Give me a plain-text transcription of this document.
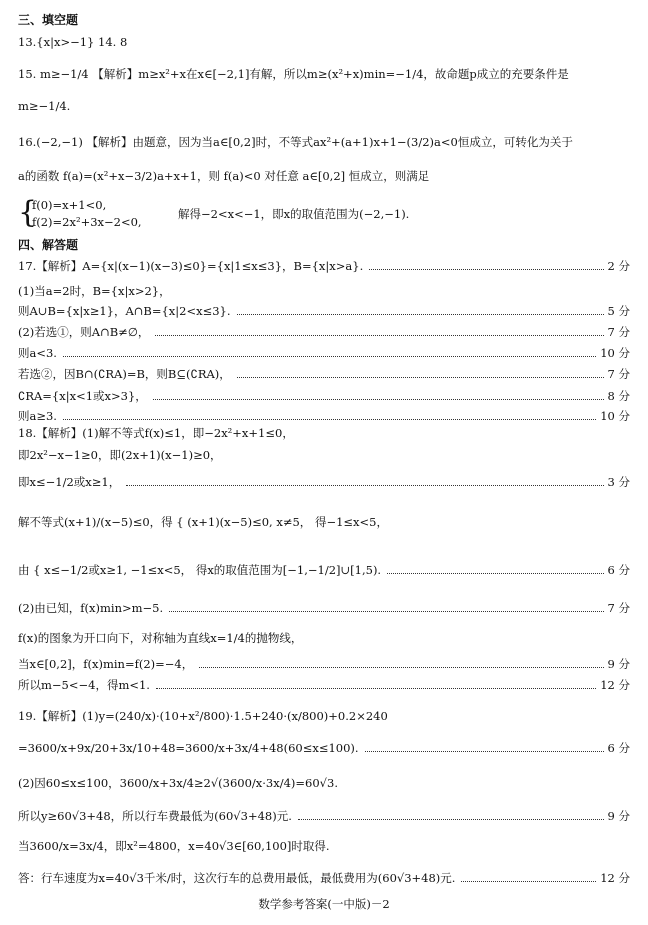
三、填空题
13.{x|x>−1} 14. 8
15. m≥−1/4 【解析】m≥x²+x在x∈[−2,1]有解，所以m≥(x²+x)min=−1/4，故命题p成立的充要条件是
m≥−1/4.
16.(−2,−1) 【解析】由题意，因为当a∈[0,2]时，不等式ax²+(a+1)x+1−(3/2)a<0恒成立，可转化为关于
a的函数 f(a)=(x²+x−3/2)a+x+1，则 f(a)<0 对任意 a∈[0,2] 恒成立，则满足
{
f(0)=x+1<0,
f(2)=2x²+3x−2<0,
解得−2<x<−1，即x的取值范围为(−2,−1).
四、解答题
17.【解析】A={x|(x−1)(x−3)≤0}={x|1≤x≤3}，B={x|x>a}.	2 分
(1)当a=2时，B={x|x>2}，
则A∪B={x|x≥1}，A∩B={x|2<x≤3}.	5 分
(2)若选①，则A∩B≠∅，	7 分
则a<3.	10 分
若选②，因B∩(∁RA)=B，则B⊆(∁RA)，	7 分
∁RA={x|x<1或x>3}，	8 分
则a≥3.	10 分
18.【解析】(1)解不等式f(x)≤1，即−2x²+x+1≤0，
即2x²−x−1≥0，即(2x+1)(x−1)≥0，
即x≤−1/2或x≥1，	3 分
解不等式(x+1)/(x−5)≤0，得 { (x+1)(x−5)≤0, x≠5， 得−1≤x<5，
由 { x≤−1/2或x≥1, −1≤x<5， 得x的取值范围为[−1,−1/2]∪[1,5).	6 分
(2)由已知，f(x)min>m−5.	7 分
f(x)的图象为开口向下，对称轴为直线x=1/4的抛物线，
当x∈[0,2]，f(x)min=f(2)=−4，	9 分
所以m−5<−4，得m<1.	12 分
19.【解析】(1)y=(240/x)·(10+x²/800)·1.5+240·(x/800)+0.2×240
=3600/x+9x/20+3x/10+48=3600/x+3x/4+48(60≤x≤100).	6 分
(2)因60≤x≤100，3600/x+3x/4≥2√(3600/x·3x/4)=60√3.
所以y≥60√3+48，所以行车费最低为(60√3+48)元.	9 分
当3600/x=3x/4，即x²=4800，x=40√3∈[60,100]时取得.
答：行车速度为x=40√3千米/时，这次行车的总费用最低，最低费用为(60√3+48)元.	12 分
数学参考答案(一中版)－2
